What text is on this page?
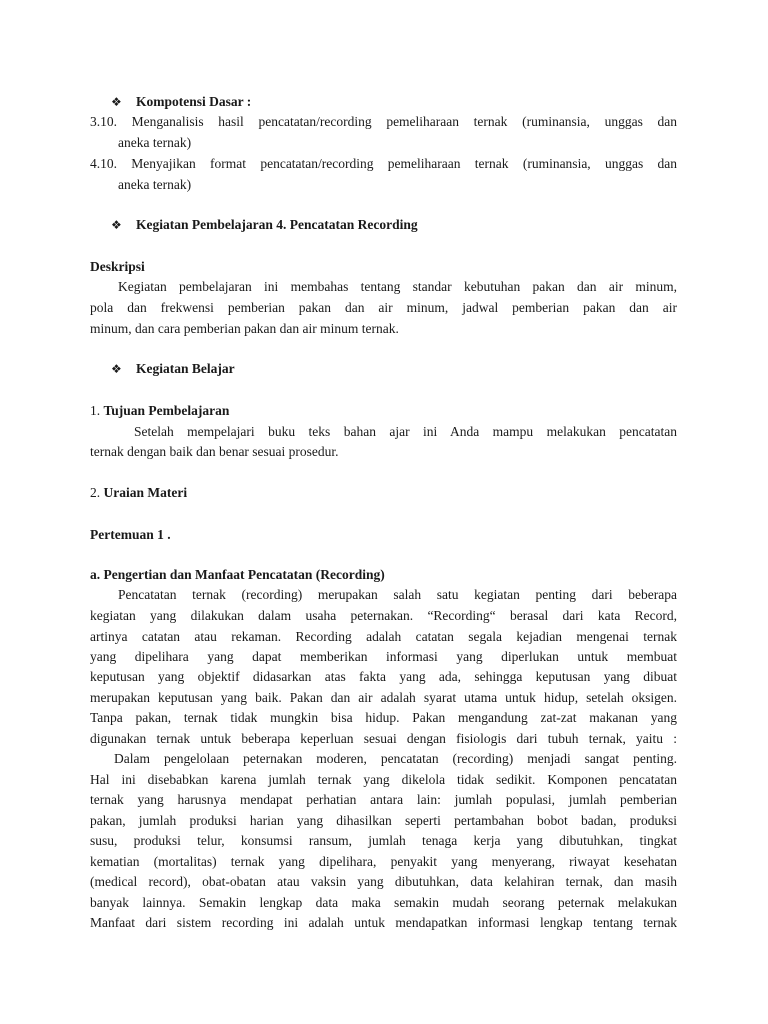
❖ Kompotensi Dasar :
3.10. Menganalisis hasil pencatatan/recording pemeliharaan ternak (ruminansia, unggas dan
aneka ternak)
4.10. Menyajikan format pencatatan/recording pemeliharaan ternak (ruminansia, unggas dan
aneka ternak)
❖ Kegiatan Pembelajaran 4. Pencatatan Recording
Deskripsi
Kegiatan pembelajaran ini membahas tentang standar kebutuhan pakan dan air minum,
pola dan frekwensi pemberian pakan dan air minum, jadwal pemberian pakan dan air
minum, dan cara pemberian pakan dan air minum ternak.
❖ Kegiatan Belajar
1. Tujuan Pembelajaran
Setelah mempelajari buku teks bahan ajar ini Anda mampu melakukan pencatatan
ternak dengan baik dan benar sesuai prosedur.
2. Uraian Materi
Pertemuan 1 .
a. Pengertian dan Manfaat Pencatatan (Recording)
Pencatatan ternak (recording) merupakan salah satu kegiatan penting dari beberapa
kegiatan yang dilakukan dalam usaha peternakan. “Recording“ berasal dari kata Record,
artinya catatan atau rekaman. Recording adalah catatan segala kejadian mengenai ternak
yang dipelihara yang dapat memberikan informasi yang diperlukan untuk membuat
keputusan yang objektif didasarkan atas fakta yang ada, sehingga keputusan yang dibuat
merupakan keputusan yang baik. Pakan dan air adalah syarat utama untuk hidup, setelah oksigen.
Tanpa pakan, ternak tidak mungkin bisa hidup. Pakan mengandung zat-zat makanan yang
digunakan ternak untuk beberapa keperluan sesuai dengan fisiologis dari tubuh ternak, yaitu :
Dalam pengelolaan peternakan moderen, pencatatan (recording) menjadi sangat penting.
Hal ini disebabkan karena jumlah ternak yang dikelola tidak sedikit. Komponen pencatatan
ternak yang harusnya mendapat perhatian antara lain: jumlah populasi, jumlah pemberian
pakan, jumlah produksi harian yang dihasilkan seperti pertambahan bobot badan, produksi
susu, produksi telur, konsumsi ransum, jumlah tenaga kerja yang dibutuhkan, tingkat
kematian (mortalitas) ternak yang dipelihara, penyakit yang menyerang, riwayat kesehatan
(medical record), obat-obatan atau vaksin yang dibutuhkan, data kelahiran ternak, dan masih
banyak lainnya. Semakin lengkap data maka semakin mudah seorang peternak melakukan
Manfaat dari sistem recording ini adalah untuk mendapatkan informasi lengkap tentang ternak
